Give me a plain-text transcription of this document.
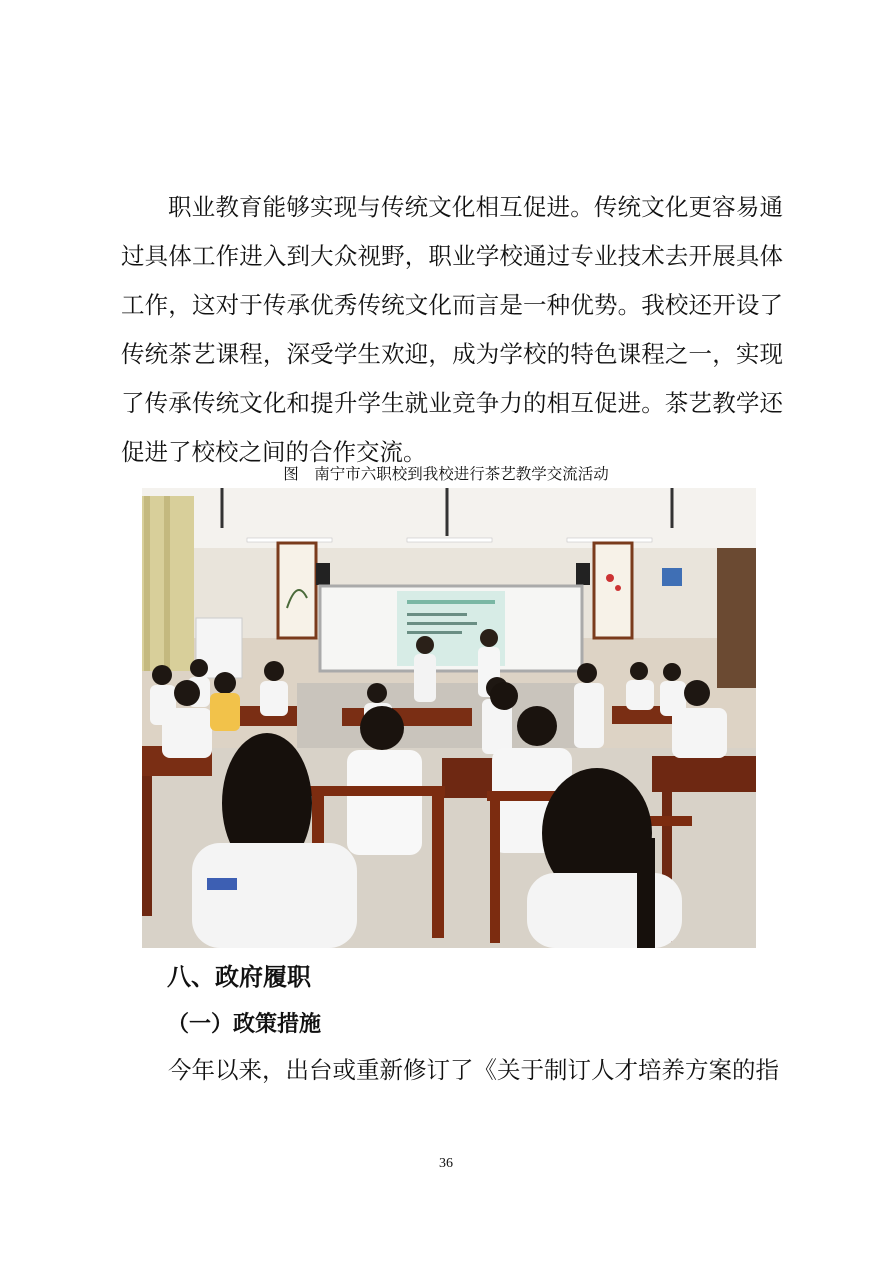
职业教育能够实现与传统文化相互促进。传统文化更容易通过具体工作进入到大众视野，职业学校通过专业技术去开展具体工作，这对于传承优秀传统文化而言是一种优势。我校还开设了传统茶艺课程，深受学生欢迎，成为学校的特色课程之一，实现了传承传统文化和提升学生就业竞争力的相互促进。茶艺教学还促进了校校之间的合作交流。

图　南宁市六职校到我校进行茶艺教学交流活动
八、政府履职
（一）政策措施

今年以来，出台或重新修订了《关于制订人才培养方案的指

36
